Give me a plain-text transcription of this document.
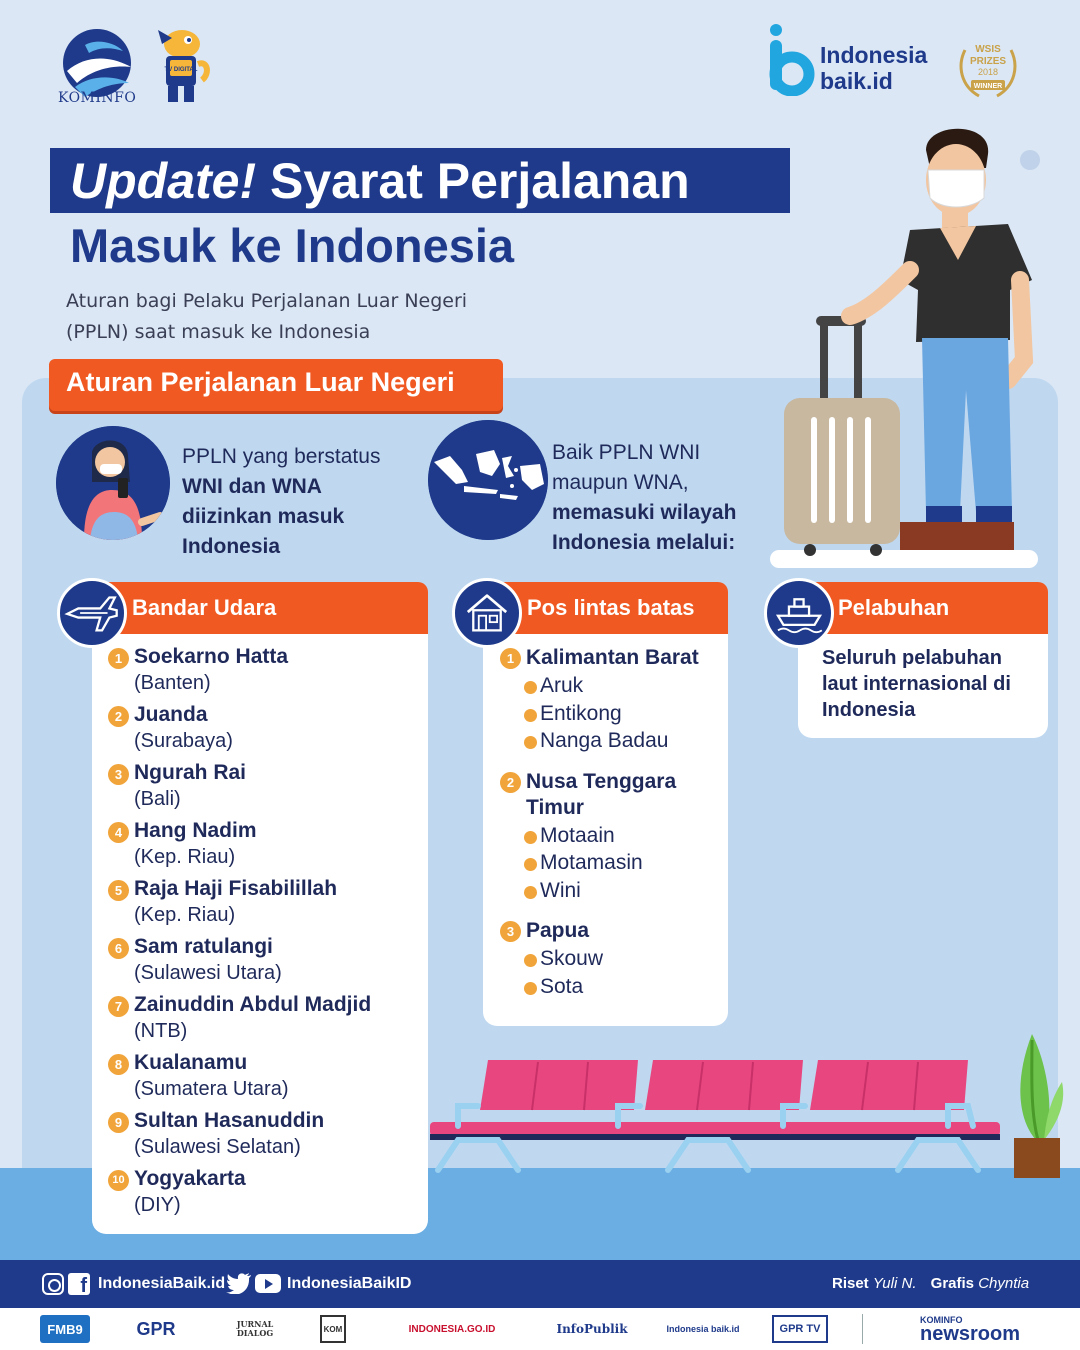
KOMINFO
TV DIGITAL
Indonesia
baik.id
WSIS
PRIZES
2018
WINNER
Update! Syarat Perjalanan
Masuk ke Indonesia
Aturan bagi Pelaku Perjalanan Luar Negeri (PPLN) saat masuk ke Indonesia
Aturan Perjalanan Luar Negeri
PPLN yang berstatus
WNI dan WNA
diizinkan masuk
Indonesia
Baik PPLN WNI
maupun WNA,
memasuki wilayah
Indonesia melalui:
Bandar Udara
1 Soekarno Hatta
(Banten)
2 Juanda
(Surabaya)
3 Ngurah Rai
(Bali)
4 Hang Nadim
(Kep. Riau)
5 Raja Haji Fisabilillah
(Kep. Riau)
6 Sam ratulangi
(Sulawesi Utara)
7 Zainuddin Abdul Madjid
(NTB)
8 Kualanamu
(Sumatera Utara)
9 Sultan Hasanuddin
(Sulawesi Selatan)
10 Yogyakarta
(DIY)
Pos lintas batas
1 Kalimantan Barat
Aruk
Entikong
Nanga Badau
2 Nusa Tenggara Timur
Motaain
Motamasin
Wini
3 Papua
Skouw
Sota
Pelabuhan
Seluruh pelabuhan laut internasional di Indonesia
f IndonesiaBaik.id	IndonesiaBaikID	Riset Yuli N. Grafis Chyntia
FMB9	GPR	JURNAL
DIALOG	KOM	INDONESIA.GO.ID	InfoPublik	Indonesia baik.id	GPR TV
KOMINFO
newsroom
